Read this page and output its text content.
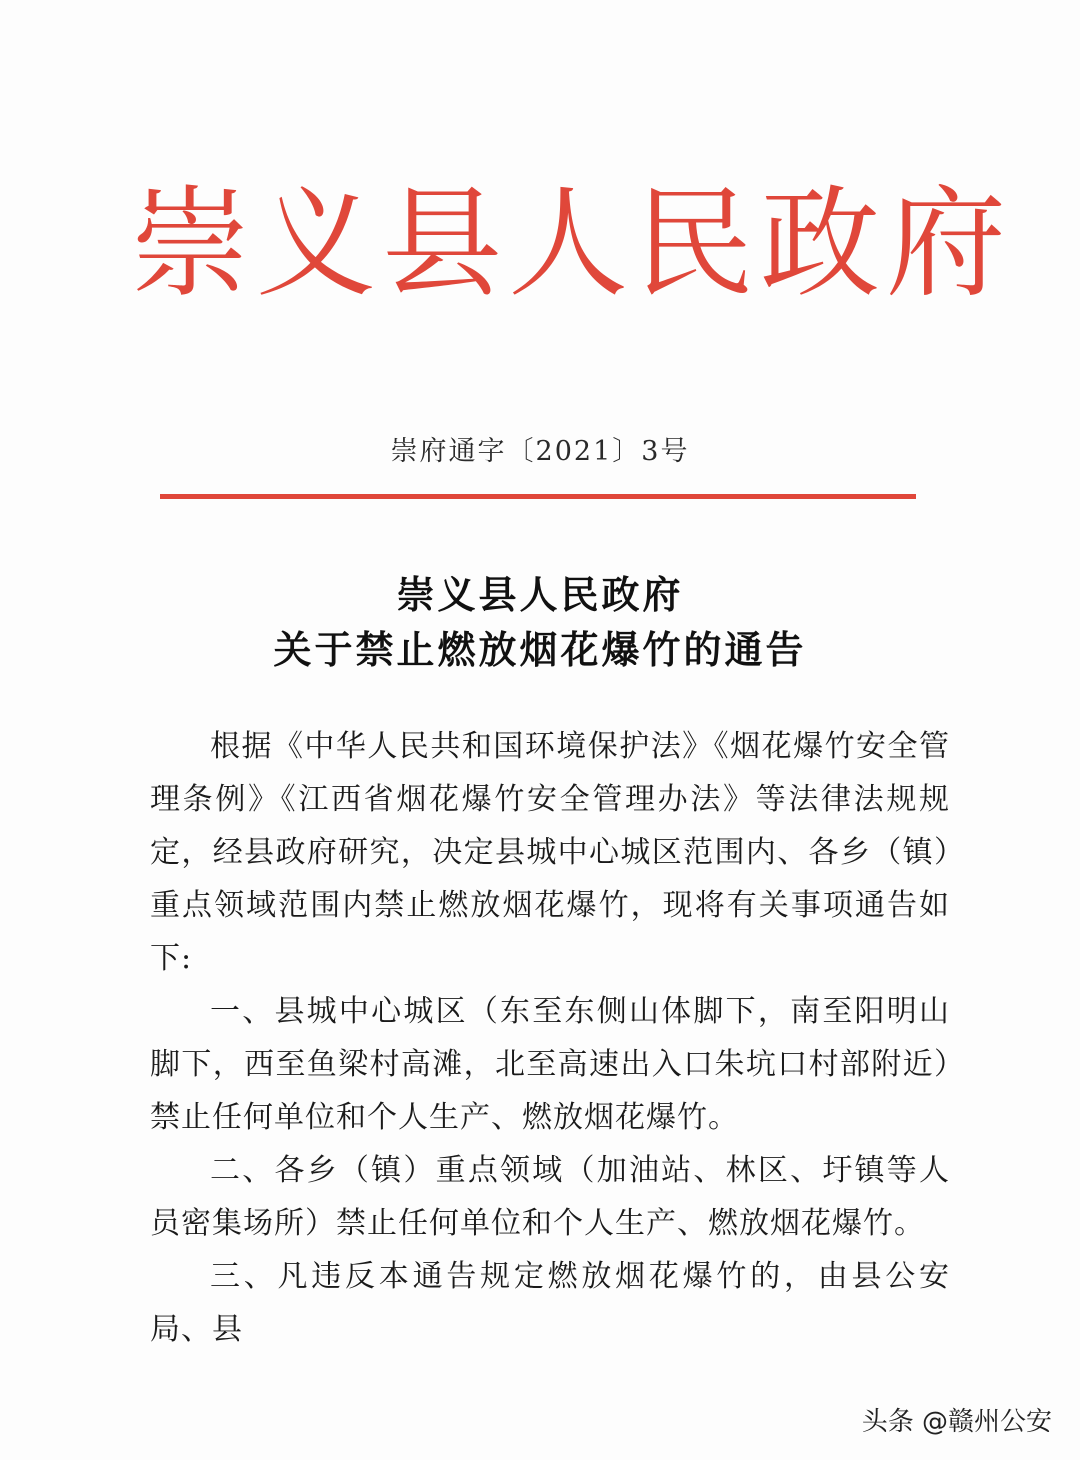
崇义县人民政府
崇府通字〔2021〕3号
崇义县人民政府
关于禁止燃放烟花爆竹的通告

根据《中华人民共和国环境保护法》《烟花爆竹安全管理条例》《江西省烟花爆竹安全管理办法》等法律法规规定，经县政府研究，决定县城中心城区范围内、各乡（镇）重点领域范围内禁止燃放烟花爆竹，现将有关事项通告如下:

一、县城中心城区（东至东侧山体脚下，南至阳明山脚下，西至鱼梁村高滩，北至高速出入口朱坑口村部附近）禁止任何单位和个人生产、燃放烟花爆竹。

二、各乡（镇）重点领域（加油站、林区、圩镇等人员密集场所）禁止任何单位和个人生产、燃放烟花爆竹。

三、凡违反本通告规定燃放烟花爆竹的，由县公安局、县

头条 @赣州公安
